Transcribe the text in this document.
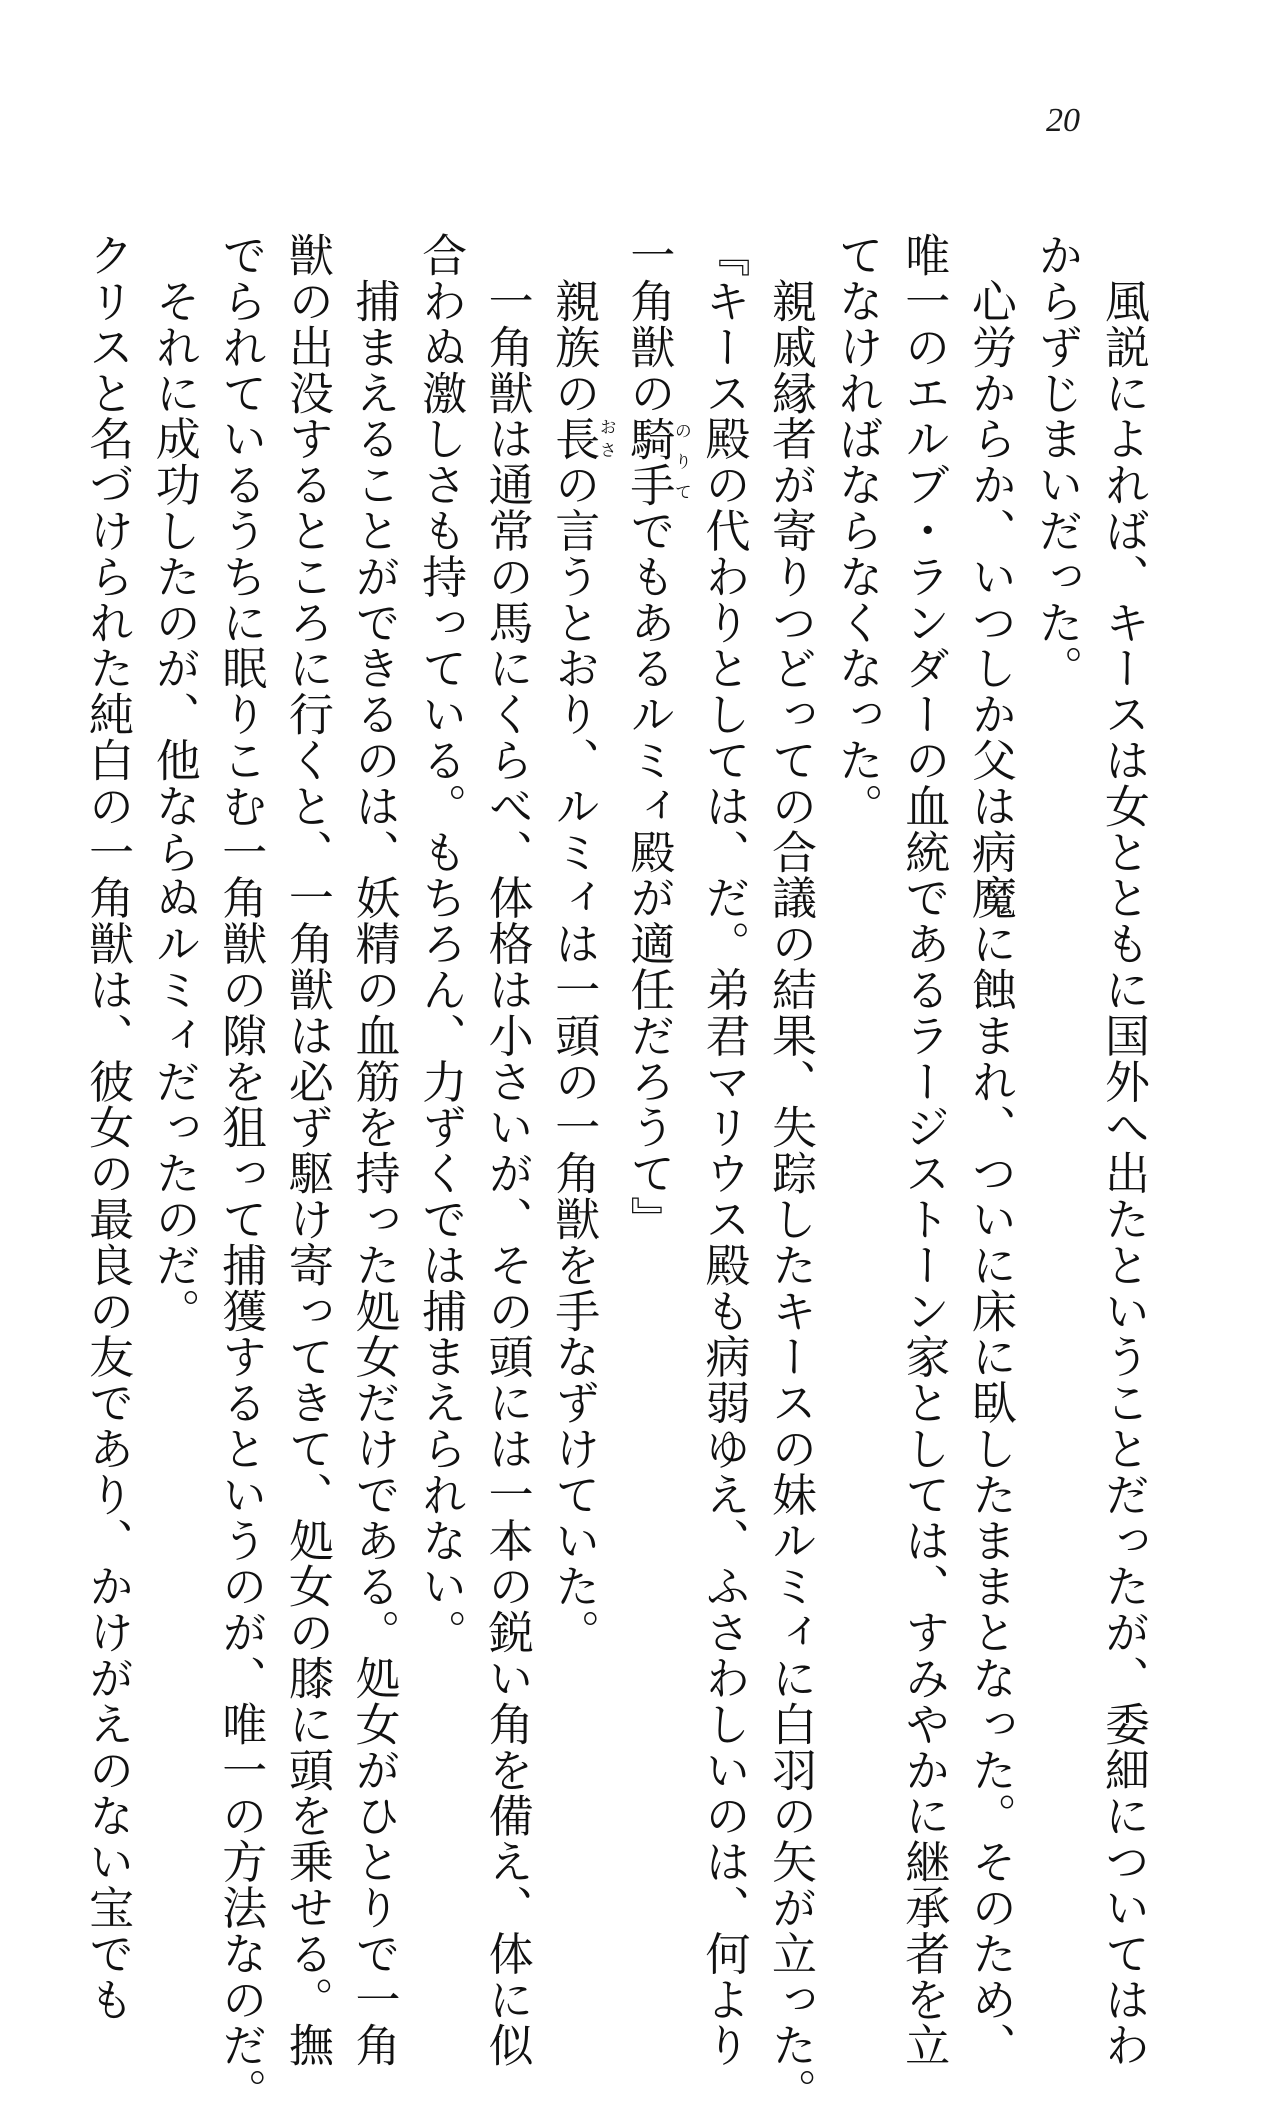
20

　風説によれば、キースは女とともに国外へ出たということだったが、委細についてはわ

からずじまいだった。

　心労からか、いつしか父は病魔に蝕まれ、ついに床に臥したままとなった。そのため、

唯一のエルブ・ランダーの血統であるラージストーン家としては、すみやかに継承者を立

てなければならなくなった。

　親戚縁者が寄りつどっての合議の結果、失踪したキースの妹ルミィに白羽の矢が立った。

『キース殿の代わりとしては、だ。弟君マリウス殿も病弱ゆえ、ふさわしいのは、何より

一角獣の騎手のりてでもあるルミィ殿が適任だろうて』

　親族の長おさの言うとおり、ルミィは一頭の一角獣を手なずけていた。

　一角獣は通常の馬にくらべ、体格は小さいが、その頭には一本の鋭い角を備え、体に似

合わぬ激しさも持っている。もちろん、力ずくでは捕まえられない。

　捕まえることができるのは、妖精の血筋を持った処女だけである。処女がひとりで一角

獣の出没するところに行くと、一角獣は必ず駆け寄ってきて、処女の膝に頭を乗せる。撫

でられているうちに眠りこむ一角獣の隙を狙って捕獲するというのが、唯一の方法なのだ。

　それに成功したのが、他ならぬルミィだったのだ。

クリスと名づけられた純白の一角獣は、彼女の最良の友であり、かけがえのない宝でも
